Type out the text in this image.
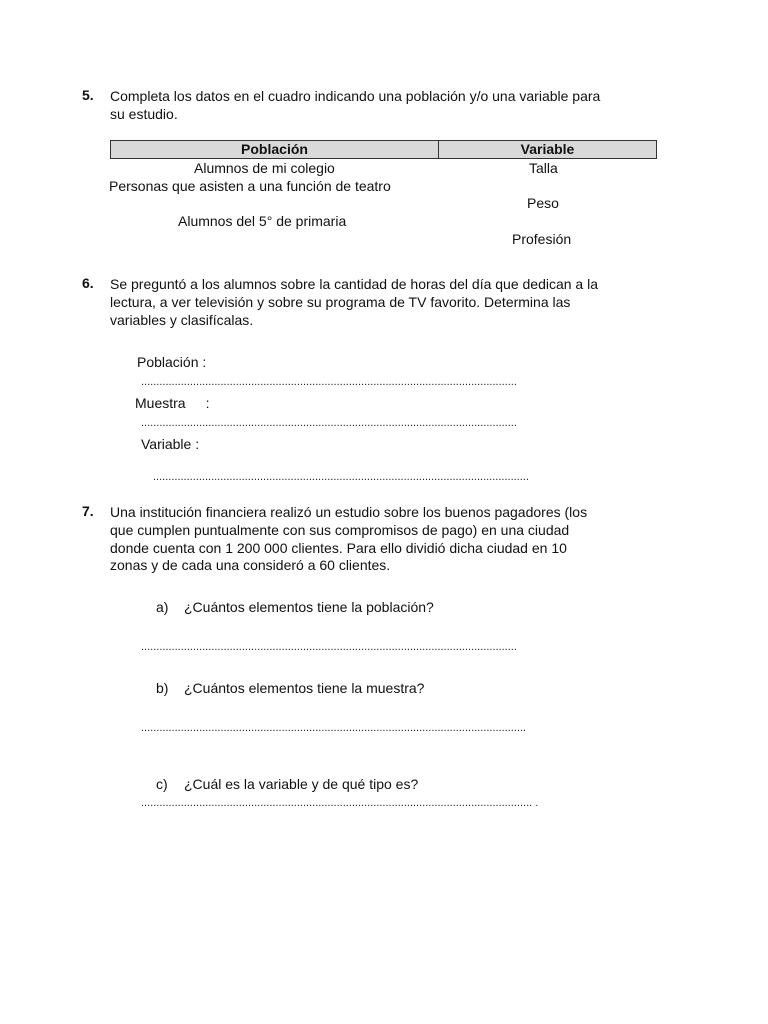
5. Completa los datos en el cuadro indicando una población y/o una variable para
su estudio.
Población	Variable
Alumnos de mi colegio
Personas que asisten a una función de teatro
Alumnos del 5° de primaria
Talla
Peso
Profesión
6. Se preguntó a los alumnos sobre la cantidad de horas del día que dedican a la
lectura, a ver televisión y sobre su programa de TV favorito. Determina las
variables y clasifícalas.
Población :
...........................................................................................................................
Muestra :
...........................................................................................................................
Variable :
...........................................................................................................................
7. Una institución financiera realizó un estudio sobre los buenos pagadores (los
que cumplen puntualmente con sus compromisos de pago) en una ciudad
donde cuenta con 1 200 000 clientes. Para ello dividió dicha ciudad en 10
zonas y de cada una consideró a 60 clientes.
a) ¿Cuántos elementos tiene la población?
...........................................................................................................................
b) ¿Cuántos elementos tiene la muestra?
..............................................................................................................................
c) ¿Cuál es la variable y de qué tipo es?
................................................................................................................................ .
